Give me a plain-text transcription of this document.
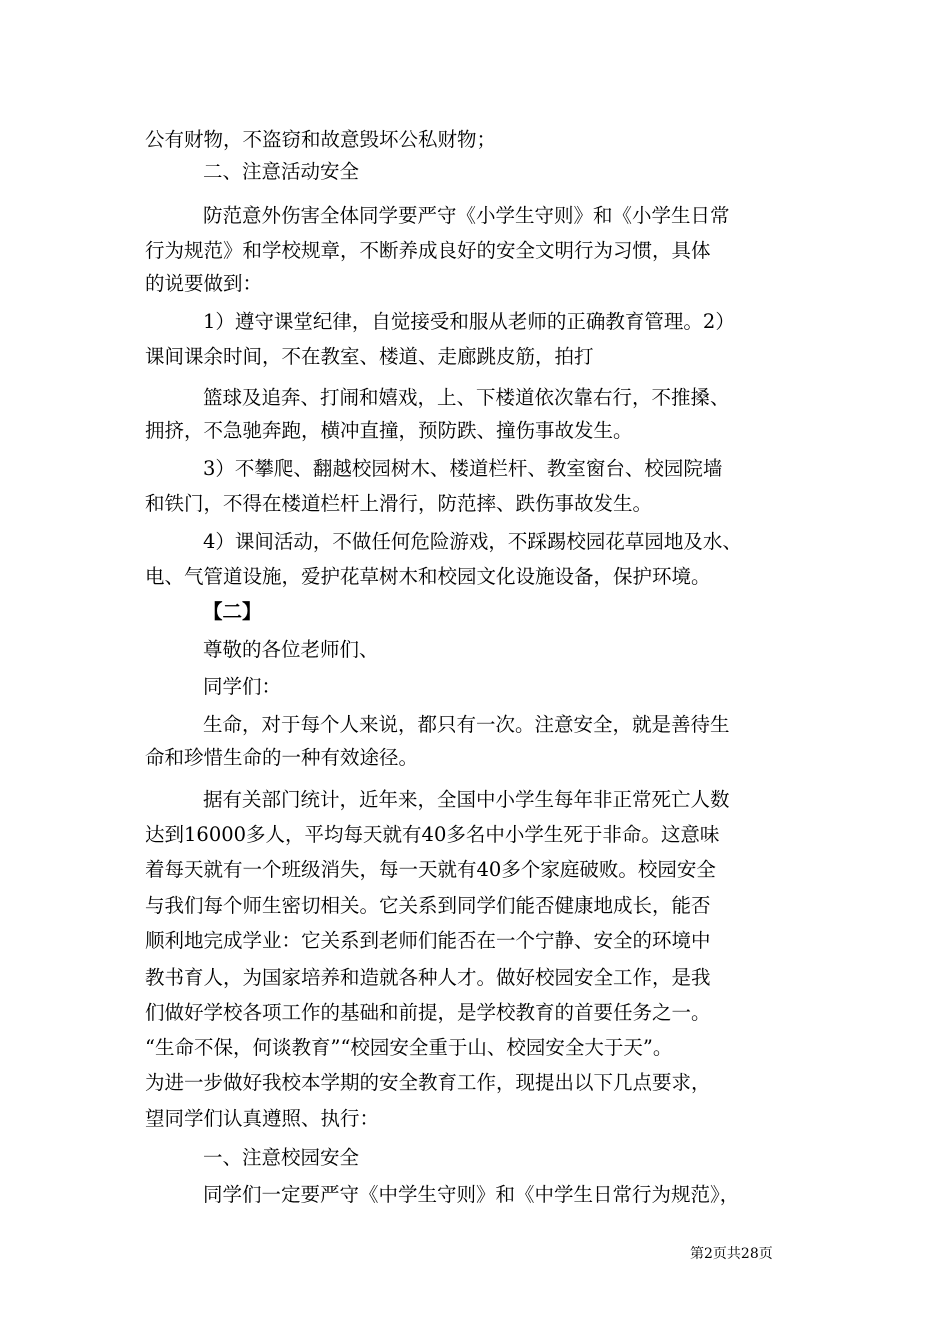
公有财物，不盗窃和故意毁坏公私财物；
二、注意活动安全
防范意外伤害全体同学要严守《小学生守则》和《小学生日常
行为规范》和学校规章，不断养成良好的安全文明行为习惯，具体
的说要做到：
1）遵守课堂纪律，自觉接受和服从老师的正确教育管理。2）
课间课余时间，不在教室、楼道、走廊跳皮筋，拍打
篮球及追奔、打闹和嬉戏，上、下楼道依次靠右行，不推搡、
拥挤，不急驰奔跑，横冲直撞，预防跌、撞伤事故发生。
3）不攀爬、翻越校园树木、楼道栏杆、教室窗台、校园院墙
和铁门，不得在楼道栏杆上滑行，防范摔、跌伤事故发生。
4）课间活动，不做任何危险游戏，不踩踢校园花草园地及水、
电、气管道设施，爱护花草树木和校园文化设施设备，保护环境。
【二】
尊敬的各位老师们、
同学们：
生命，对于每个人来说，都只有一次。注意安全，就是善待生
命和珍惜生命的一种有效途径。
据有关部门统计，近年来，全国中小学生每年非正常死亡人数
达到16000多人，平均每天就有40多名中小学生死于非命。这意味
着每天就有一个班级消失，每一天就有40多个家庭破败。校园安全
与我们每个师生密切相关。它关系到同学们能否健康地成长，能否
顺利地完成学业：它关系到老师们能否在一个宁静、安全的环境中
教书育人，为国家培养和造就各种人才。做好校园安全工作，是我
们做好学校各项工作的基础和前提，是学校教育的首要任务之一。
“生命不保，何谈教育”“校园安全重于山、校园安全大于天”。
为进一步做好我校本学期的安全教育工作，现提出以下几点要求，
望同学们认真遵照、执行：
一、注意校园安全
同学们一定要严守《中学生守则》和《中学生日常行为规范》，
第2页共28页
